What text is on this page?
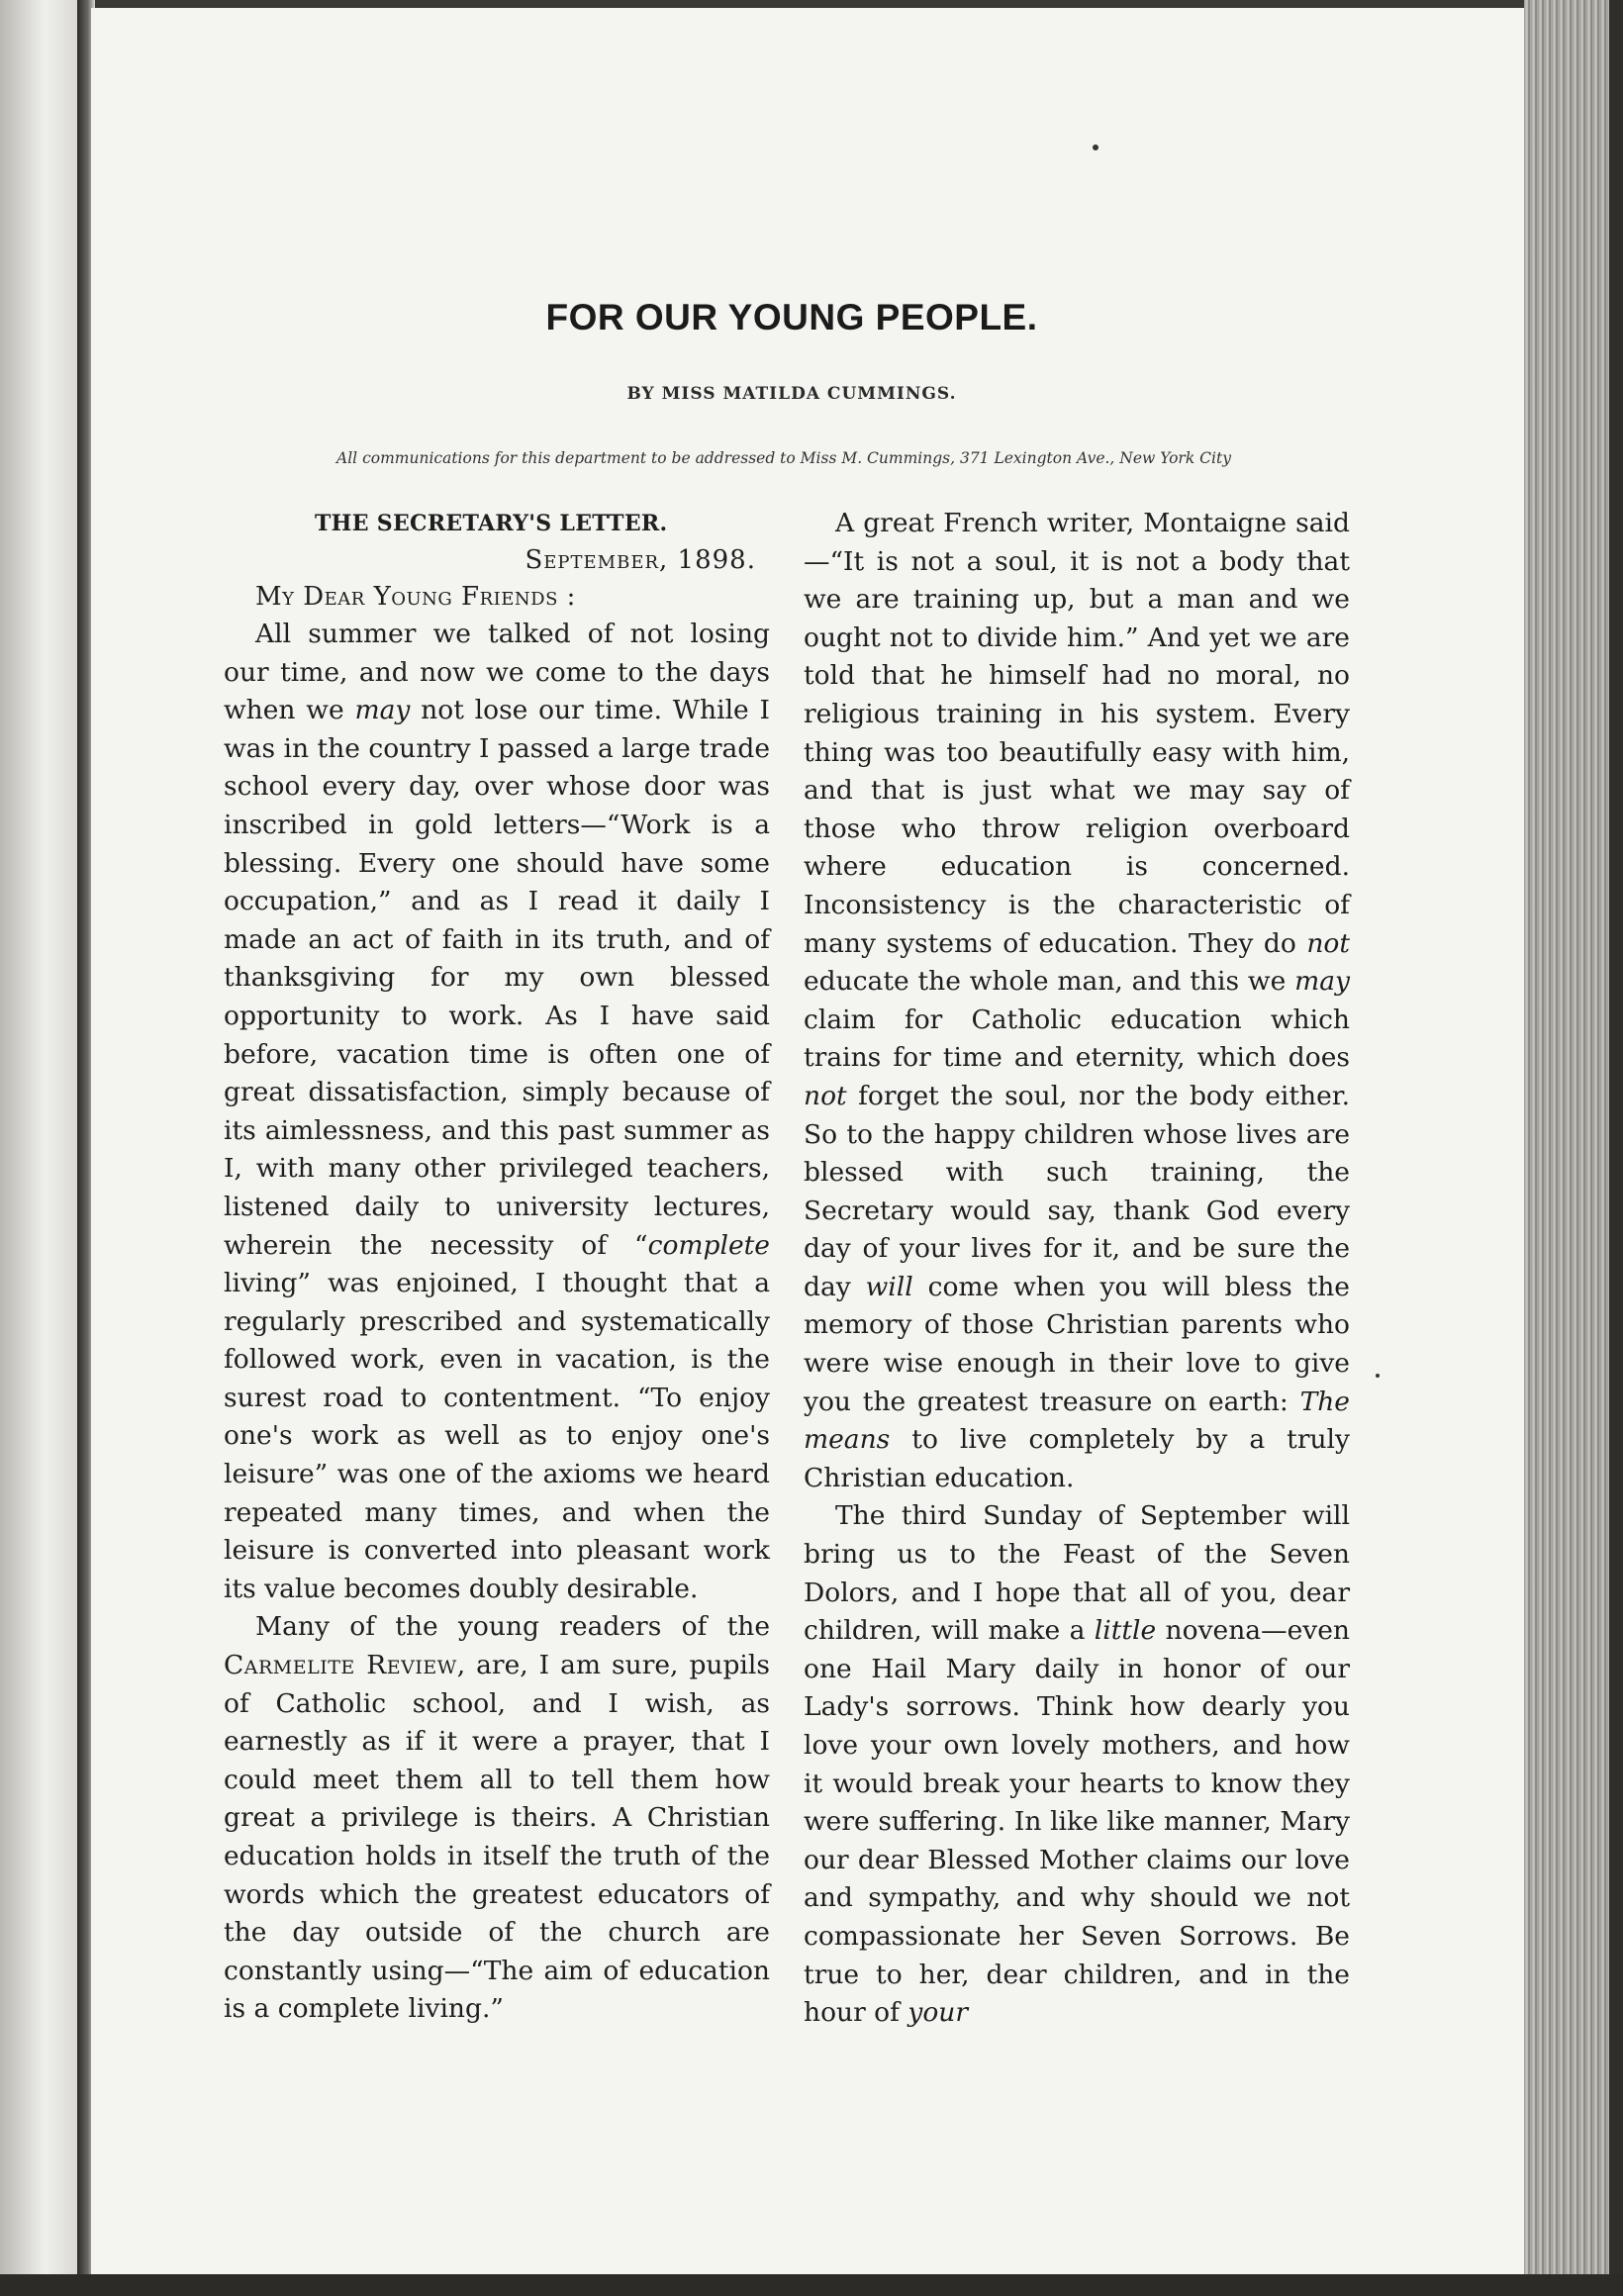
FOR OUR YOUNG PEOPLE.

BY MISS MATILDA CUMMINGS.

All communications for this department to be addressed to Miss M. Cummings, 371 Lexington Ave., New York City

THE SECRETARY'S LETTER.

September, 1898.

My Dear Young Friends :

All summer we talked of not losing our time, and now we come to the days when we may not lose our time. While I was in the country I passed a large trade school every day, over whose door was inscribed in gold letters—“Work is a blessing. Every one should have some occupation,” and as I read it daily I made an act of faith in its truth, and of thanksgiving for my own blessed opportunity to work. As I have said before, vacation time is often one of great dissatisfaction, simply because of its aimlessness, and this past summer as I, with many other privileged teachers, listened daily to university lectures, wherein the necessity of “complete living” was enjoined, I thought that a regularly prescribed and systematically followed work, even in vacation, is the surest road to contentment. “To enjoy one's work as well as to enjoy one's leisure” was one of the axioms we heard repeated many times, and when the leisure is converted into pleasant work its value becomes doubly desirable.

Many of the young readers of the Carmelite Review, are, I am sure, pupils of Catholic school, and I wish, as earnestly as if it were a prayer, that I could meet them all to tell them how great a privilege is theirs. A Christian education holds in itself the truth of the words which the greatest educators of the day outside of the church are constantly using—“The aim of education is a complete living.”

A great French writer, Montaigne said—“It is not a soul, it is not a body that we are training up, but a man and we ought not to divide him.” And yet we are told that he himself had no moral, no religious training in his system. Every thing was too beautifully easy with him, and that is just what we may say of those who throw religion overboard where education is concerned. Inconsistency is the characteristic of many systems of education. They do not educate the whole man, and this we may claim for Catholic education which trains for time and eternity, which does not forget the soul, nor the body either. So to the happy children whose lives are blessed with such training, the Secretary would say, thank God every day of your lives for it, and be sure the day will come when you will bless the memory of those Christian parents who were wise enough in their love to give you the greatest treasure on earth: The means to live completely by a truly Christian education.

The third Sunday of September will bring us to the Feast of the Seven Dolors, and I hope that all of you, dear children, will make a little novena—even one Hail Mary daily in honor of our Lady's sorrows. Think how dearly you love your own lovely mothers, and how it would break your hearts to know they were suffering. In like like manner, Mary our dear Blessed Mother claims our love and sympathy, and why should we not compassionate her Seven Sorrows. Be true to her, dear children, and in the hour of your
